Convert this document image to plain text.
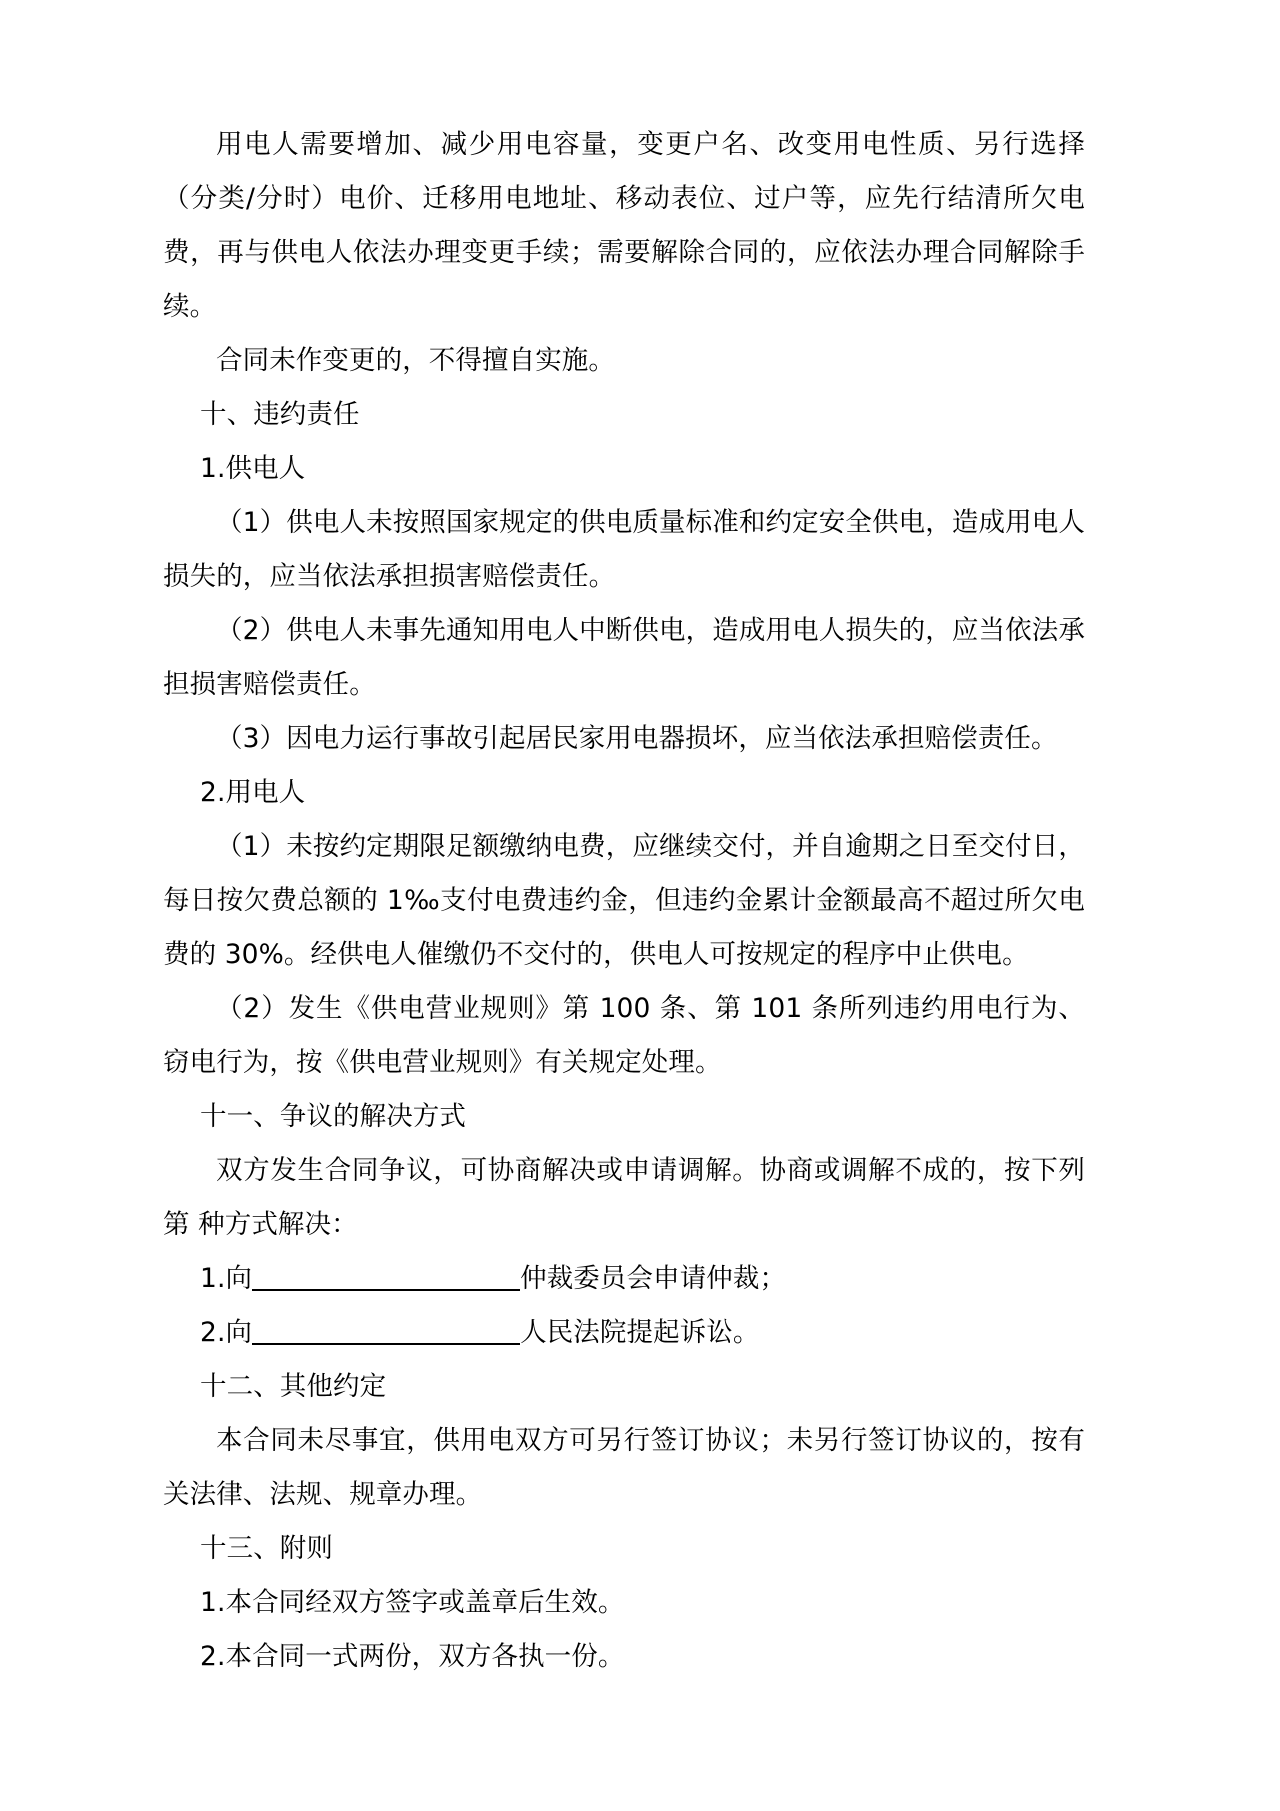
用电人需要增加、减少用电容量，变更户名、改变用电性质、另行选择（分类/分时）电价、迁移用电地址、移动表位、过户等，应先行结清所欠电费，再与供电人依法办理变更手续；需要解除合同的，应依法办理合同解除手续。

合同未作变更的，不得擅自实施。

十、违约责任

1.供电人

（1）供电人未按照国家规定的供电质量标准和约定安全供电，造成用电人损失的，应当依法承担损害赔偿责任。

（2）供电人未事先通知用电人中断供电，造成用电人损失的，应当依法承担损害赔偿责任。

（3）因电力运行事故引起居民家用电器损坏，应当依法承担赔偿责任。

2.用电人

（1）未按约定期限足额缴纳电费，应继续交付，并自逾期之日至交付日，每日按欠费总额的 1‰支付电费违约金，但违约金累计金额最高不超过所欠电费的 30%。经供电人催缴仍不交付的，供电人可按规定的程序中止供电。

（2）发生《供电营业规则》第 100 条、第 101 条所列违约用电行为、窃电行为，按《供电营业规则》有关规定处理。

十一、争议的解决方式

双方发生合同争议，可协商解决或申请调解。协商或调解不成的，按下列第 种方式解决：

1.向	仲裁委员会申请仲裁；

2.向	人民法院提起诉讼。

十二、其他约定

本合同未尽事宜，供用电双方可另行签订协议；未另行签订协议的，按有关法律、法规、规章办理。

十三、附则

1.本合同经双方签字或盖章后生效。

2.本合同一式两份，双方各执一份。
